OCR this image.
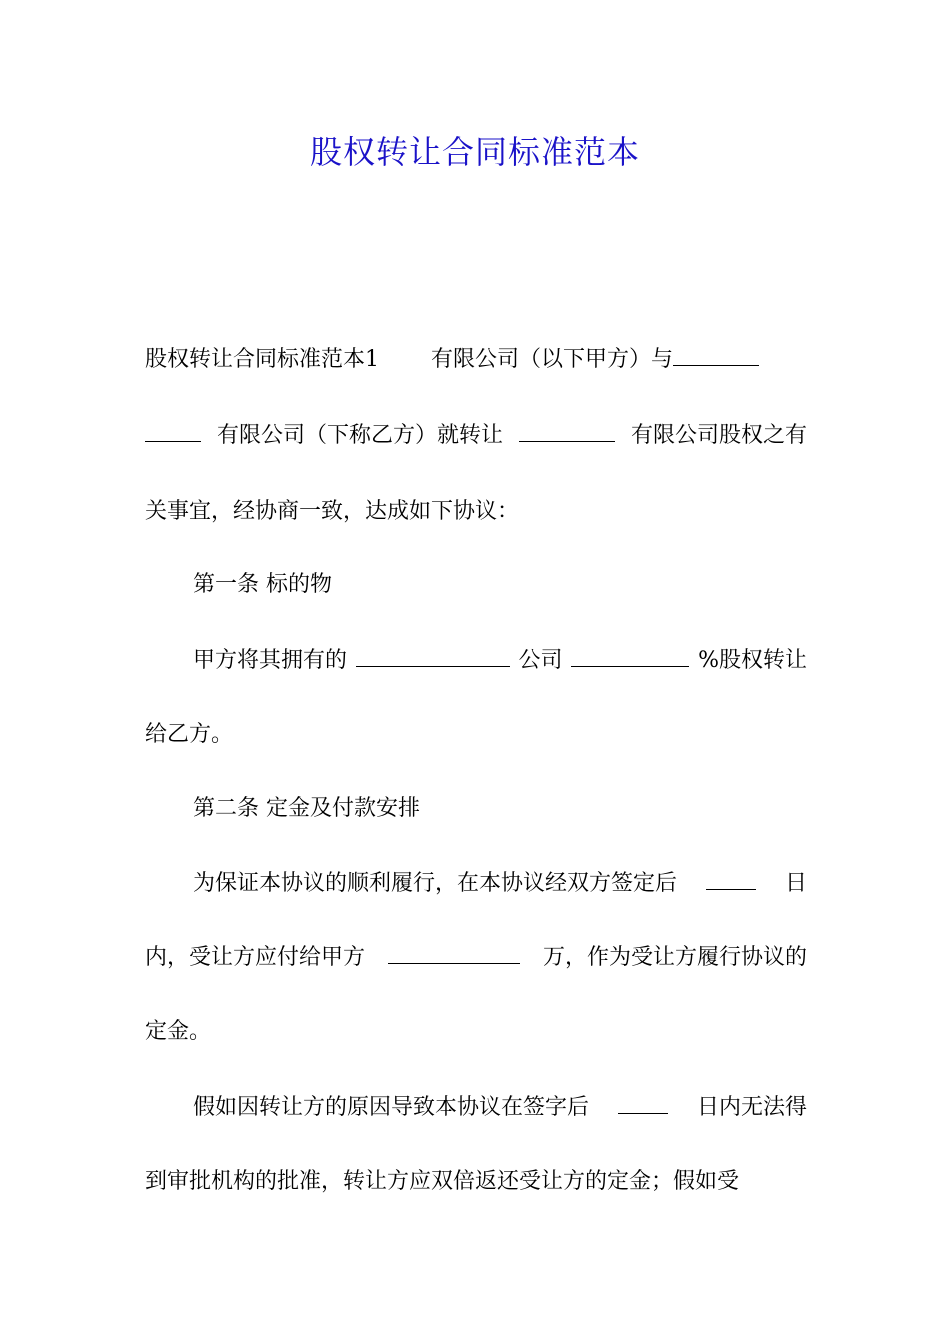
股权转让合同标准范本
股权转让合同标准范本1 有限公司（以下甲方）与
有限公司（下称乙方）就转让	有限公司股权之有
关事宜，经协商一致，达成如下协议：
第一条 标的物
甲方将其拥有的	公司	%股权转让
给乙方。
第二条 定金及付款安排
为保证本协议的顺利履行，在本协议经双方签定后	日
内，受让方应付给甲方	万，作为受让方履行协议的
定金。
假如因转让方的原因导致本协议在签字后	日内无法得
到审批机构的批准，转让方应双倍返还受让方的定金；假如受
